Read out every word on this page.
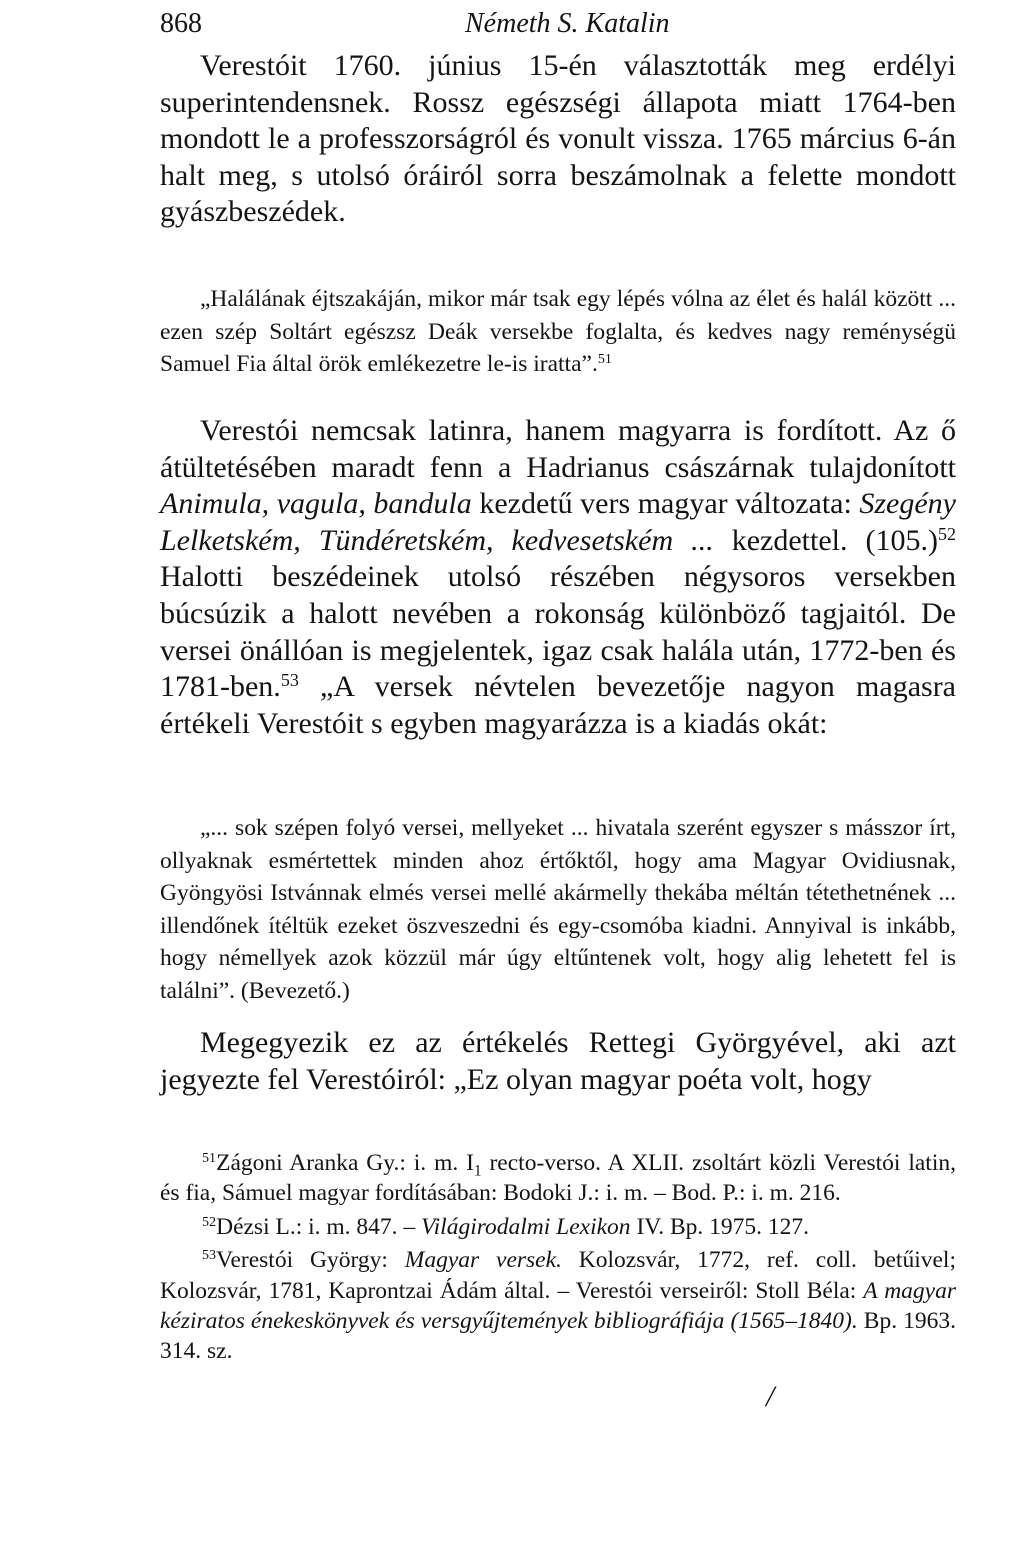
868	Németh S. Katalin

Verestóit 1760. június 15-én választották meg erdélyi superintendensnek. Rossz egészségi állapota miatt 1764-ben mondott le a professzorságról és vonult vissza. 1765 március 6-án halt meg, s utolsó óráiról sorra beszámolnak a felette mondott gyászbeszédek.

„Halálának éjtszakáján, mikor már tsak egy lépés vólna az élet és halál között ... ezen szép Soltárt egészsz Deák versekbe foglalta, és kedves nagy reménységü Samuel Fia által örök emlékezetre le-is iratta”.$^{51}$

Verestói nemcsak latinra, hanem magyarra is fordított. Az ő átültetésében maradt fenn a Hadrianus császárnak tulajdonított Animula, vagula, bandula kezdetű vers magyar változata: Szegény Lelketském, Tündéretském, kedvesetském ... kezdettel. $(105.)^{52}$ Halotti beszédeinek utolsó részében négysoros versekben búcsúzik a halott nevében a rokonság különböző tagjaitól. De versei önállóan is megjelentek, igaz csak halála után, 1772-ben és 1781-ben.$^{53}$ „A versek névtelen bevezetője nagyon magasra értékeli Verestóit s egyben magyarázza is a kiadás okát:

„... sok szépen folyó versei, mellyeket ... hivatala szerént egyszer s másszor írt, ollyaknak esmértettek minden ahoz értőktől, hogy ama Magyar Ovidiusnak, Gyöngyösi Istvánnak elmés versei mellé akármelly thekába méltán tétethetnének ... illendőnek ítéltük ezeket öszveszedni és egy-csomóba kiadni. Annyival is inkább, hogy némellyek azok közzül már úgy eltűntenek volt, hogy alig lehetett fel is találni”. (Bevezető.)

Megegyezik ez az értékelés Rettegi Györgyével, aki azt jegyezte fel Verestóiról: „Ez olyan magyar poéta volt, hogy

$^{51}$Zágoni Aranka Gy.: i. m. $I_1$ recto-verso. A XLII. zsoltárt közli Verestói latin, és fia, Sámuel magyar fordításában: Bodoki J.: i. m. – Bod. P.: i. m. 216.
$^{52}$Dézsi L.: i. m. 847. – Világirodalmi Lexikon IV. Bp. 1975. 127.
$^{53}$Verestói György: Magyar versek. Kolozsvár, 1772, ref. coll. betűivel; Kolozsvár, 1781, Kaprontzai Ádám által. – Verestói verseiről: Stoll Béla: A magyar kéziratos énekeskönyvek és versgyűjtemények bibliográfiája (1565–1840). Bp. 1963. 314. sz.
/
